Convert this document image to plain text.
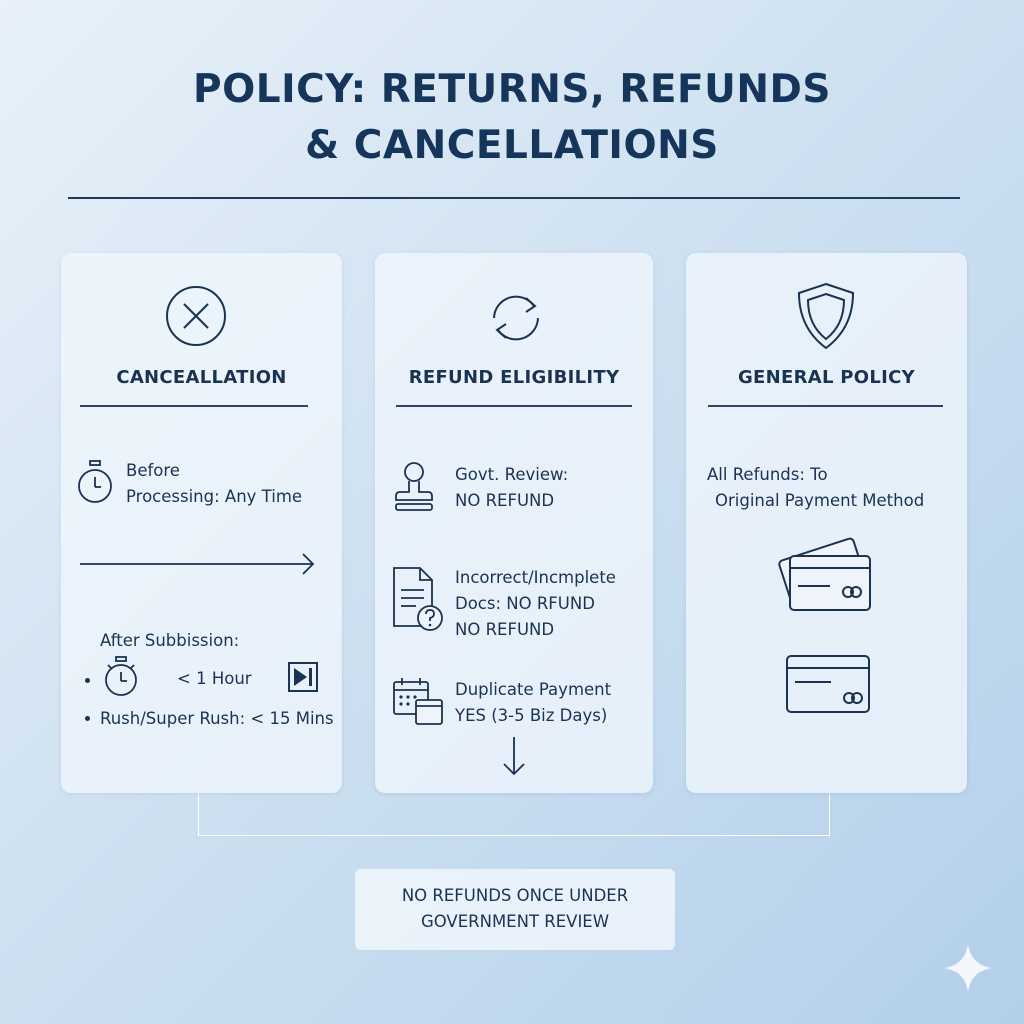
POLICY: RETURNS, REFUNDS
& CANCELLATIONS
CANCEALLATION
Before
Processing: Any Time
After Subbission:
< 1 Hour
Rush/Super Rush: < 15 Mins
REFUND ELIGIBILITY
Govt. Review:
NO REFUND
Incorrect/Incmplete
Docs: NO RFUND
NO REFUND
Duplicate Payment
YES (3-5 Biz Days)
GENERAL POLICY
All Refunds: To
Original Payment Method
NO REFUNDS ONCE UNDER
GOVERNMENT REVIEW
